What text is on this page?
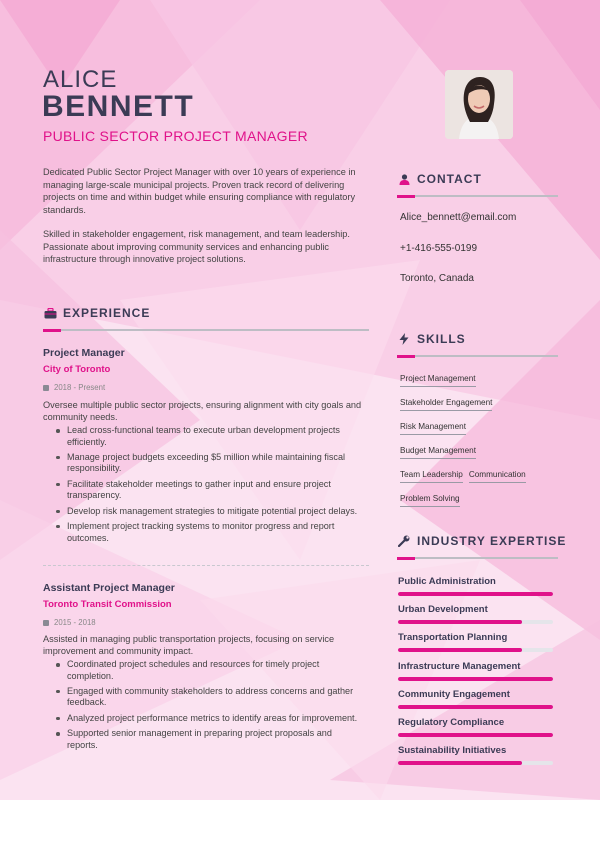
ALICE
BENNETT
PUBLIC SECTOR PROJECT MANAGER

Dedicated Public Sector Project Manager with over 10 years of experience in managing large-scale municipal projects. Proven track record of delivering projects on time and within budget while ensuring compliance with regulatory standards.

Skilled in stakeholder engagement, risk management, and team leadership. Passionate about improving community services and enhancing public infrastructure through innovative project solutions.

EXPERIENCE
Project Manager
City of Toronto
2018 - Present
Oversee multiple public sector projects, ensuring alignment with city goals and community needs.
Lead cross-functional teams to execute urban development projects efficiently.
Manage project budgets exceeding $5 million while maintaining fiscal responsibility.
Facilitate stakeholder meetings to gather input and ensure project transparency.
Develop risk management strategies to mitigate potential project delays.
Implement project tracking systems to monitor progress and report outcomes.
Assistant Project Manager
Toronto Transit Commission
2015 - 2018
Assisted in managing public transportation projects, focusing on service improvement and community impact.
Coordinated project schedules and resources for timely project completion.
Engaged with community stakeholders to address concerns and gather feedback.
Analyzed project performance metrics to identify areas for improvement.
Supported senior management in preparing project proposals and reports.
CONTACT
Alice_bennett@email.com
+1-416-555-0199
Toronto, Canada
SKILLS
Project Management
Stakeholder Engagement
Risk Management
Budget Management
Team Leadership Communication
Problem Solving
INDUSTRY EXPERTISE
Public Administration
Urban Development
Transportation Planning
Infrastructure Management
Community Engagement
Regulatory Compliance
Sustainability Initiatives
